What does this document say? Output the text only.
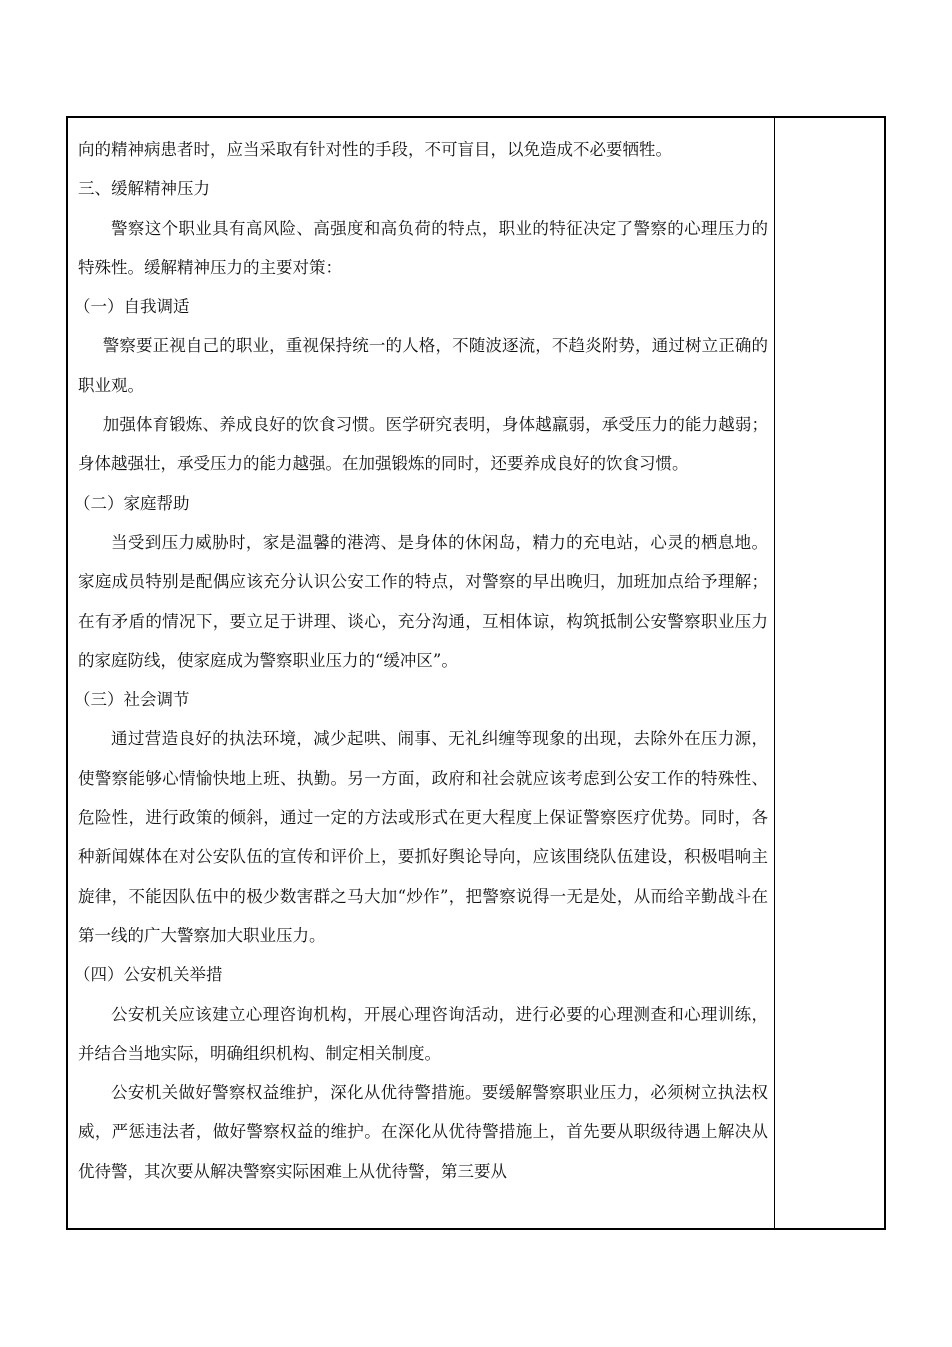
向的精神病患者时，应当采取有针对性的手段，不可盲目，以免造成不必要牺牲。

三、缓解精神压力

警察这个职业具有高风险、高强度和高负荷的特点，职业的特征决定了警察的心理压力的特殊性。缓解精神压力的主要对策：

（一）自我调适

警察要正视自己的职业，重视保持统一的人格，不随波逐流，不趋炎附势，通过树立正确的职业观。

加强体育锻炼、养成良好的饮食习惯。医学研究表明，身体越羸弱，承受压力的能力越弱；身体越强壮，承受压力的能力越强。在加强锻炼的同时，还要养成良好的饮食习惯。

（二）家庭帮助

当受到压力威胁时，家是温馨的港湾、是身体的休闲岛，精力的充电站，心灵的栖息地。家庭成员特别是配偶应该充分认识公安工作的特点，对警察的早出晚归，加班加点给予理解；在有矛盾的情况下，要立足于讲理、谈心，充分沟通，互相体谅，构筑抵制公安警察职业压力的家庭防线，使家庭成为警察职业压力的“缓冲区”。

（三）社会调节

通过营造良好的执法环境，减少起哄、闹事、无礼纠缠等现象的出现，去除外在压力源，使警察能够心情愉快地上班、执勤。另一方面，政府和社会就应该考虑到公安工作的特殊性、危险性，进行政策的倾斜，通过一定的方法或形式在更大程度上保证警察医疗优势。同时，各种新闻媒体在对公安队伍的宣传和评价上，要抓好舆论导向，应该围绕队伍建设，积极唱响主旋律，不能因队伍中的极少数害群之马大加“炒作”，把警察说得一无是处，从而给辛勤战斗在第一线的广大警察加大职业压力。

（四）公安机关举措

公安机关应该建立心理咨询机构，开展心理咨询活动，进行必要的心理测查和心理训练，并结合当地实际，明确组织机构、制定相关制度。

公安机关做好警察权益维护，深化从优待警措施。要缓解警察职业压力，必须树立执法权威，严惩违法者，做好警察权益的维护。在深化从优待警措施上，首先要从职级待遇上解决从优待警，其次要从解决警察实际困难上从优待警，第三要从
